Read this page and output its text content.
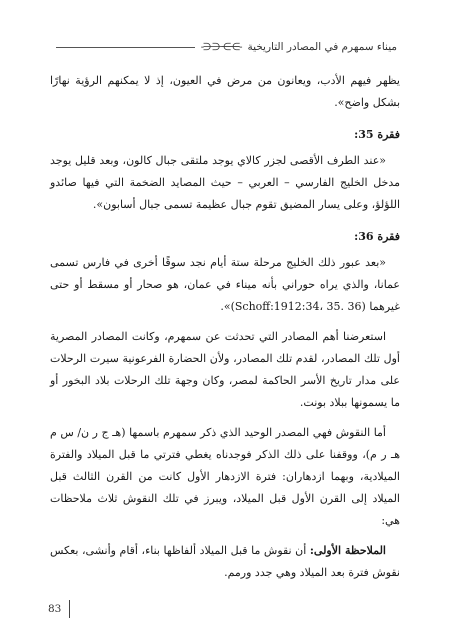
ميناء سمهرم في المصادر التاريخية
-⋺⋺⋲⋲-

يظهر فيهم الأدب، ويعانون من مرض في العيون، إذ لا يمكنهم الرؤية نهارًا بشكل واضح».

فقرة 35:

«عند الطرف الأقصى لجزر كالاي يوجد ملتقى جبال كالون، وبعد قليل يوجد مدخل الخليج الفارسي – العربي – حيث المصايد الضخمة التي فيها صائدو اللؤلؤ، وعلى يسار المضيق تقوم جبال عظيمة تسمى جبال أسابون».

فقرة 36:

«بعد عبور ذلك الخليج مرحلة ستة أيام نجد سوقًا أخرى في فارس تسمى عمانا، والذي يراه حوراني بأنه ميناء في عمان، هو صحار أو مسقط أو حتى غيرهما (Schoff:1912:34، 35. 36)».

استعرضنا أهم المصادر التي تحدثت عن سمهرم، وكانت المصادر المصرية أول تلك المصادر، لقدم تلك المصادر، ولأن الحضارة الفرعونية سيرت الرحلات على مدار تاريخ الأسر الحاكمة لمصر، وكان وجهة تلك الرحلات بلاد البخور أو ما يسمونها ببلاد بونت.

أما النقوش فهي المصدر الوحيد الذي ذكر سمهرم باسمها (هـ ج ر ن/ س م هـ ر م)، ووقفنا على ذلك الذكر فوجدناه يغطي فترتي ما قبل الميلاد والفترة الميلادية، وبهما ازدهاران: فترة الازدهار الأول كانت من القرن الثالث قبل الميلاد إلى القرن الأول قبل الميلاد، ويبرز في تلك النقوش ثلاث ملاحظات هي:

الملاحظة الأولى: أن نقوش ما قبل الميلاد ألفاظها بناء، أقام وأنشى، بعكس نقوش فترة بعد الميلاد وهي جدد ورمم.

83
